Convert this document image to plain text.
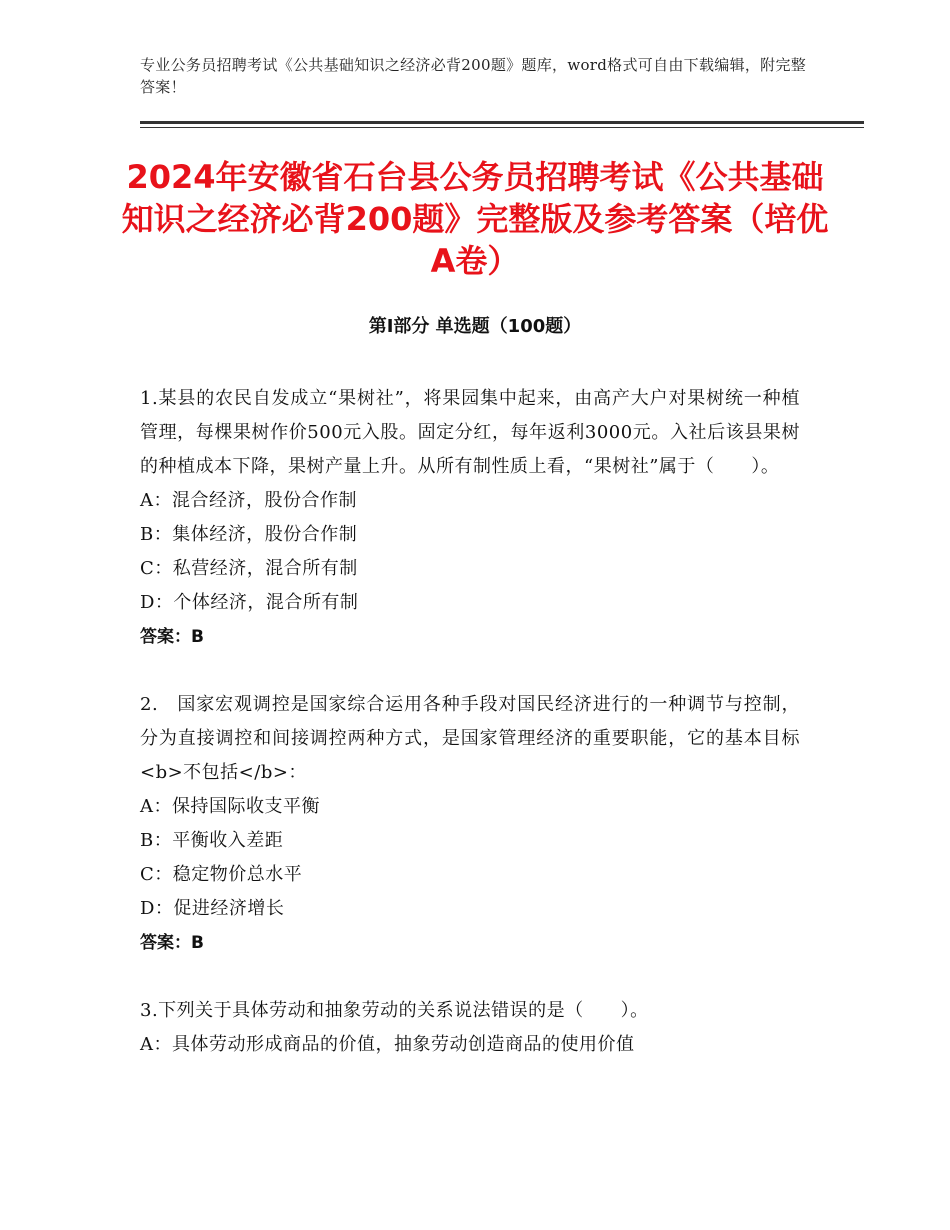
专业公务员招聘考试《公共基础知识之经济必背200题》题库，word格式可自由下载编辑，附完整答案！
2024年安徽省石台县公务员招聘考试《公共基础知识之经济必背200题》完整版及参考答案（培优A卷）
第Ⅰ部分 单选题（100题）

1.某县的农民自发成立“果树社”，将果园集中起来，由高产大户对果树统一种植管理，每棵果树作价500元入股。固定分红，每年返利3000元。入社后该县果树的种植成本下降，果树产量上升。从所有制性质上看，“果树社”属于（　　）。

A：混合经济，股份合作制

B：集体经济，股份合作制

C：私营经济，混合所有制

D：个体经济，混合所有制

答案：B

2.　国家宏观调控是国家综合运用各种手段对国民经济进行的一种调节与控制，分为直接调控和间接调控两种方式，是国家管理经济的重要职能，它的基本目标<b>不包括</b>：

A：保持国际收支平衡

B：平衡收入差距

C：稳定物价总水平

D：促进经济增长

答案：B

3.下列关于具体劳动和抽象劳动的关系说法错误的是（　　）。

A：具体劳动形成商品的价值，抽象劳动创造商品的使用价值
